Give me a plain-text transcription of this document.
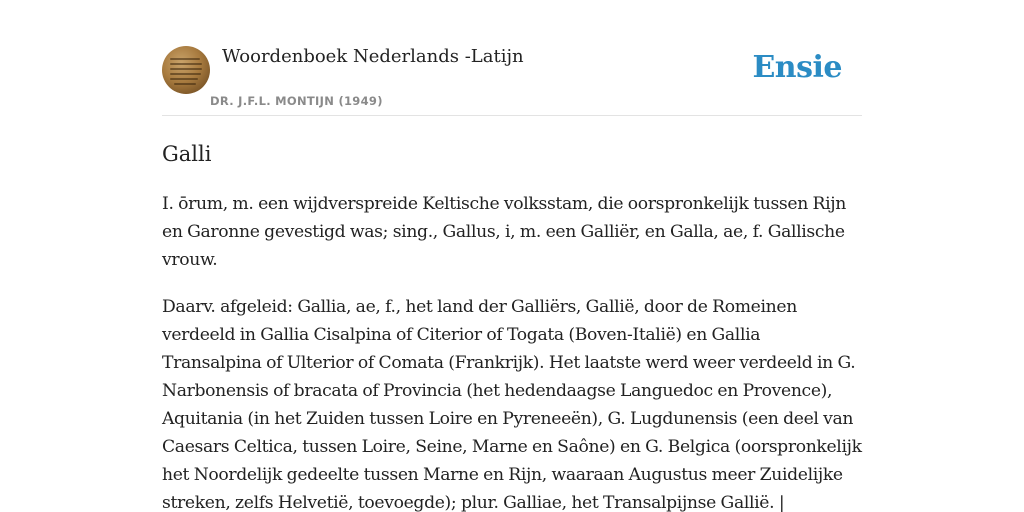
Woordenboek Nederlands -Latijn
DR. J.F.L. MONTIJN (1949)
Ensie
Galli

I. ōrum, m. een wijdverspreide Keltische volksstam, die oorspronkelijk tussen Rijn en Garonne gevestigd was; sing., Gallus, i, m. een Galliër, en Galla, ae, f. Gallische vrouw.

Daarv. afgeleid: Gallia, ae, f., het land der Galliërs, Gallië, door de Romeinen verdeeld in Gallia Cisalpina of Citerior of Togata (Boven-Italië) en Gallia Transalpina of Ulterior of Comata (Frankrijk). Het laatste werd weer verdeeld in G. Narbonensis of bracata of Provincia (het hedendaagse Languedoc en Provence), Aquitania (in het Zuiden tussen Loire en Pyreneeën), G. Lugdunensis (een deel van Caesars Celtica, tussen Loire, Seine, Marne en Saône) en G. Belgica (oorspronkelijk het Noordelijk gedeelte tussen Marne en Rijn, waaraan Augustus meer Zuidelijke streken, zelfs Helvetië, toevoegde); plur. Galliae, het Transalpijnse Gallië. |
